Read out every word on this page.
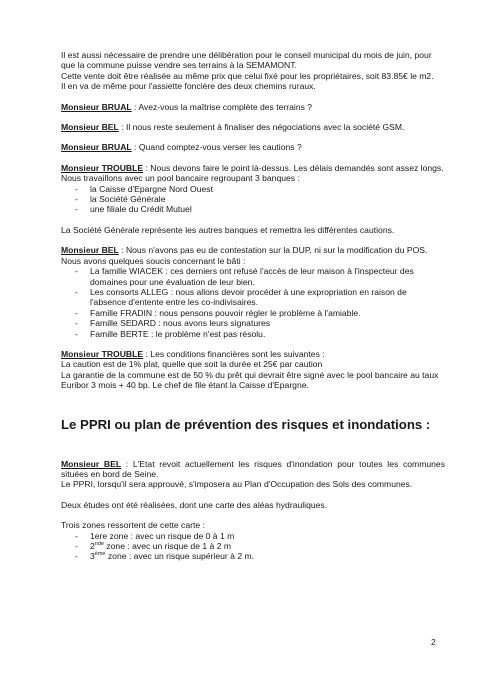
Il est aussi nécessaire de prendre une délibération pour le conseil municipal du mois de juin, pour que la commune puisse vendre ses terrains à la SEMAMONT.

Cette vente doit être réalisée au même prix que celui fixé pour les propriétaires, soit 83.85€ le m2.

Il en va de même pour l'assiette foncière des deux chemins ruraux.

Monsieur BRUAL : Avez-vous la maîtrise complète des terrains ?

Monsieur BEL : Il nous reste seulement à finaliser des négociations avec la société GSM.

Monsieur BRUAL : Quand comptez-vous verser les cautions ?

Monsieur TROUBLE : Nous devons faire le point là-dessus. Les délais demandés sont assez longs.

Nous travaillons avec un pool bancaire regroupant 3 banques :

- la Caisse d'Epargne Nord Ouest
- la Société Générale
- une filiale du Crédit Mutuel

La Société Générale représente les autres banques et remettra les différentes cautions.

Monsieur BEL : Nous n'avons pas eu de contestation sur la DUP, ni sur la modification du POS.

Nous avons quelques soucis concernant le bâti :

- La famille WIACEK : ces derniers ont refusé l'accès de leur maison à l'inspecteur des domaines pour une évaluation de leur bien.
- Les consorts ALLEG : nous allons devoir procéder à une expropriation en raison de l'absence d'entente entre les co-indivisaires.
- Famille FRADIN : nous pensons pouvoir régler le problème à l'amiable.
- Famille SEDARD : nous avons leurs signatures
- Famille BERTE : le problème n'est pas résolu.

Monsieur TROUBLE : Les conditions financières sont les suivantes :

La caution est de 1% plat, quelle que soit la durée et 25€ par caution

La garantie de la commune est de 50 % du prêt qui devrait être signé avec le pool bancaire au taux Euribor 3 mois + 40 bp. Le chef de file étant la Caisse d'Epargne.

Le PPRI ou plan de prévention des risques et inondations :

Monsieur BEL : L'Etat revoit actuellement les risques d'inondation pour toutes les communes situées en bord de Seine.

Le PPRI, lorsqu'il sera approuvé, s'imposera au Plan d'Occupation des Sols des communes.

Deux études ont été réalisées, dont une carte des aléas hydrauliques.

Trois zones ressortent de cette carte :

- 1ere zone : avec un risque de 0 à 1 m
- 2nde zone : avec un risque de 1 à 2 m
- 3ème zone : avec un risque supérieur à 2 m.
2
